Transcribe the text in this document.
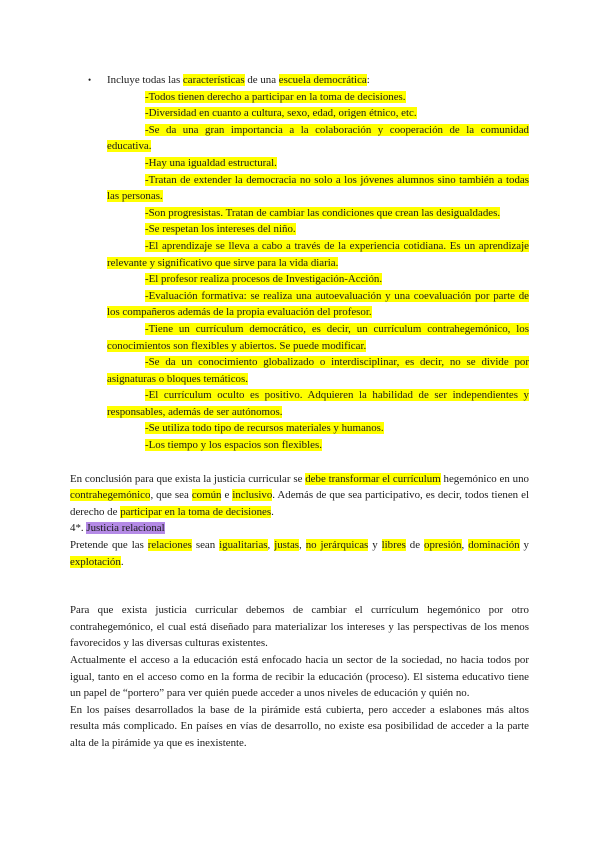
• Incluye todas las características de una escuela democrática:

-Todos tienen derecho a participar en la toma de decisiones.

-Diversidad en cuanto a cultura, sexo, edad, origen étnico, etc.

-Se da una gran importancia a la colaboración y cooperación de la comunidad educativa.

-Hay una igualdad estructural.

-Tratan de extender la democracia no solo a los jóvenes alumnos sino también a todas las personas.

-Son progresistas. Tratan de cambiar las condiciones que crean las desigualdades.

-Se respetan los intereses del niño.

-El aprendizaje se lleva a cabo a través de la experiencia cotidiana. Es un aprendizaje relevante y significativo que sirve para la vida diaria.

-El profesor realiza procesos de Investigación-Acción.

-Evaluación formativa: se realiza una autoevaluación y una coevaluación por parte de los compañeros además de la propia evaluación del profesor.

-Tiene un currículum democrático, es decir, un currículum contrahegemónico, los conocimientos son flexibles y abiertos. Se puede modificar.

-Se da un conocimiento globalizado o interdisciplinar, es decir, no se divide por asignaturas o bloques temáticos.

-El currículum oculto es positivo. Adquieren la habilidad de ser independientes y responsables, además de ser autónomos.

-Se utiliza todo tipo de recursos materiales y humanos.

-Los tiempo y los espacios son flexibles.

En conclusión para que exista la justicia curricular se debe transformar el currículum hegemónico en uno contrahegemónico, que sea común e inclusivo. Además de que sea participativo, es decir, todos tienen el derecho de participar en la toma de decisiones.

4*. Justicia relacional

Pretende que las relaciones sean igualitarias, justas, no jerárquicas y libres de opresión, dominación y explotación.

Para que exista justicia curricular debemos de cambiar el currículum hegemónico por otro contrahegemónico, el cual está diseñado para materializar los intereses y las perspectivas de los menos favorecidos y las diversas culturas existentes.

Actualmente el acceso a la educación está enfocado hacia un sector de la sociedad, no hacia todos por igual, tanto en el acceso como en la forma de recibir la educación (proceso). El sistema educativo tiene un papel de “portero” para ver quién puede acceder a unos niveles de educación y quién no.

En los países desarrollados la base de la pirámide está cubierta, pero acceder a eslabones más altos resulta más complicado. En países en vías de desarrollo, no existe esa posibilidad de acceder a la parte alta de la pirámide ya que es inexistente.
